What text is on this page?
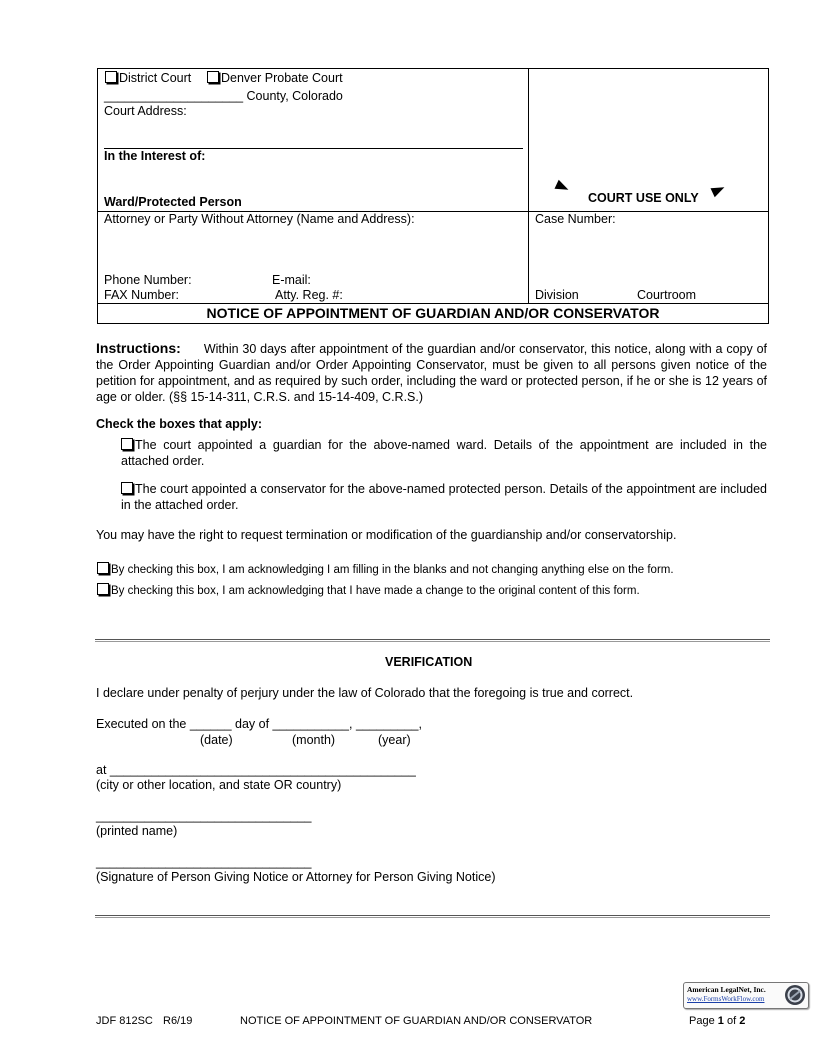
District Court	Denver Probate Court
____________________ County, Colorado
Court Address:
In the Interest of:
Ward/Protected Person	COURT USE ONLY
Attorney or Party Without Attorney (Name and Address):
Phone Number:	E-mail:
FAX Number:	Atty. Reg. #:
Case Number:
Division	Courtroom
NOTICE OF APPOINTMENT OF GUARDIAN AND/OR CONSERVATOR
Instructions: Within 30 days after appointment of the guardian and/or conservator, this notice, along with a copy of the Order Appointing Guardian and/or Order Appointing Conservator, must be given to all persons given notice of the petition for appointment, and as required by such order, including the ward or protected person, if he or she is 12 years of age or older. (§§ 15-14-311, C.R.S. and 15-14-409, C.R.S.)
Check the boxes that apply:
The court appointed a guardian for the above-named ward. Details of the appointment are included in the attached order.
The court appointed a conservator for the above-named protected person. Details of the appointment are included in the attached order.
You may have the right to request termination or modification of the guardianship and/or conservatorship.
By checking this box, I am acknowledging I am filling in the blanks and not changing anything else on the form.
By checking this box, I am acknowledging that I have made a change to the original content of this form.
VERIFICATION
I declare under penalty of perjury under the law of Colorado that the foregoing is true and correct.
Executed on the ______ day of ___________, _________,
(date)	(month)	(year)
at ____________________________________________
(city or other location, and state OR country)
_______________________________
(printed name)
_______________________________
(Signature of Person Giving Notice or Attorney for Person Giving Notice)
American LegalNet, Inc.
www.FormsWorkFlow.com
JDF 812SC R6/19	NOTICE OF APPOINTMENT OF GUARDIAN AND/OR CONSERVATOR	Page 1 of 2
